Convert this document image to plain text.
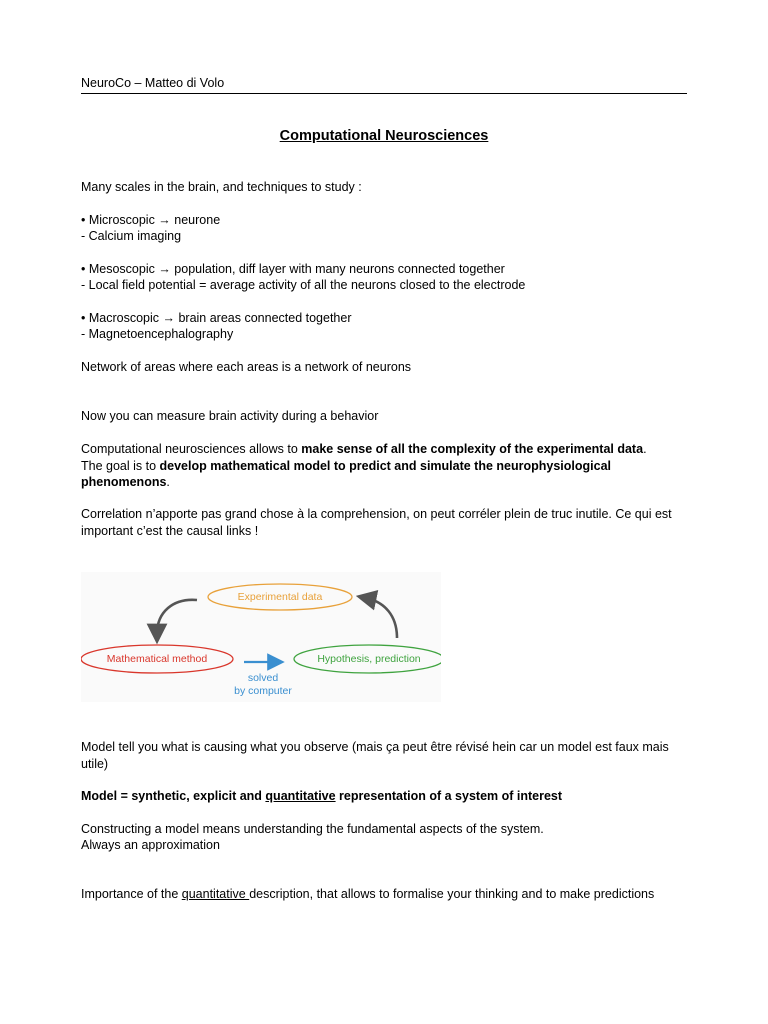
NeuroCo – Matteo di Volo
Computational Neurosciences
Many scales in the brain, and techniques to study :
• Microscopic → neurone
- Calcium imaging
• Mesoscopic → population, diff layer with many neurons connected together
- Local field potential = average activity of all the neurons closed to the electrode
• Macroscopic → brain areas connected together
- Magnetoencephalography
Network of areas where each areas is a network of neurons
Now you can measure brain activity during a behavior
Computational neurosciences allows to make sense of all the complexity of the experimental data.
The goal is to develop mathematical model to predict and simulate the neurophysiological phenomenons.
Correlation n’apporte pas grand chose à la comprehension, on peut corréler plein de truc inutile. Ce qui est important c’est the causal links !
Experimental data
Mathematical method	Hypothesis, prediction
solved
by computer
Model tell you what is causing what you observe (mais ça peut être révisé hein car un model est faux mais utile)
Model = synthetic, explicit and quantitative representation of a system of interest
Constructing a model means understanding the fundamental aspects of the system.
Always an approximation
Importance of the quantitative description, that allows to formalise your thinking and to make predictions
